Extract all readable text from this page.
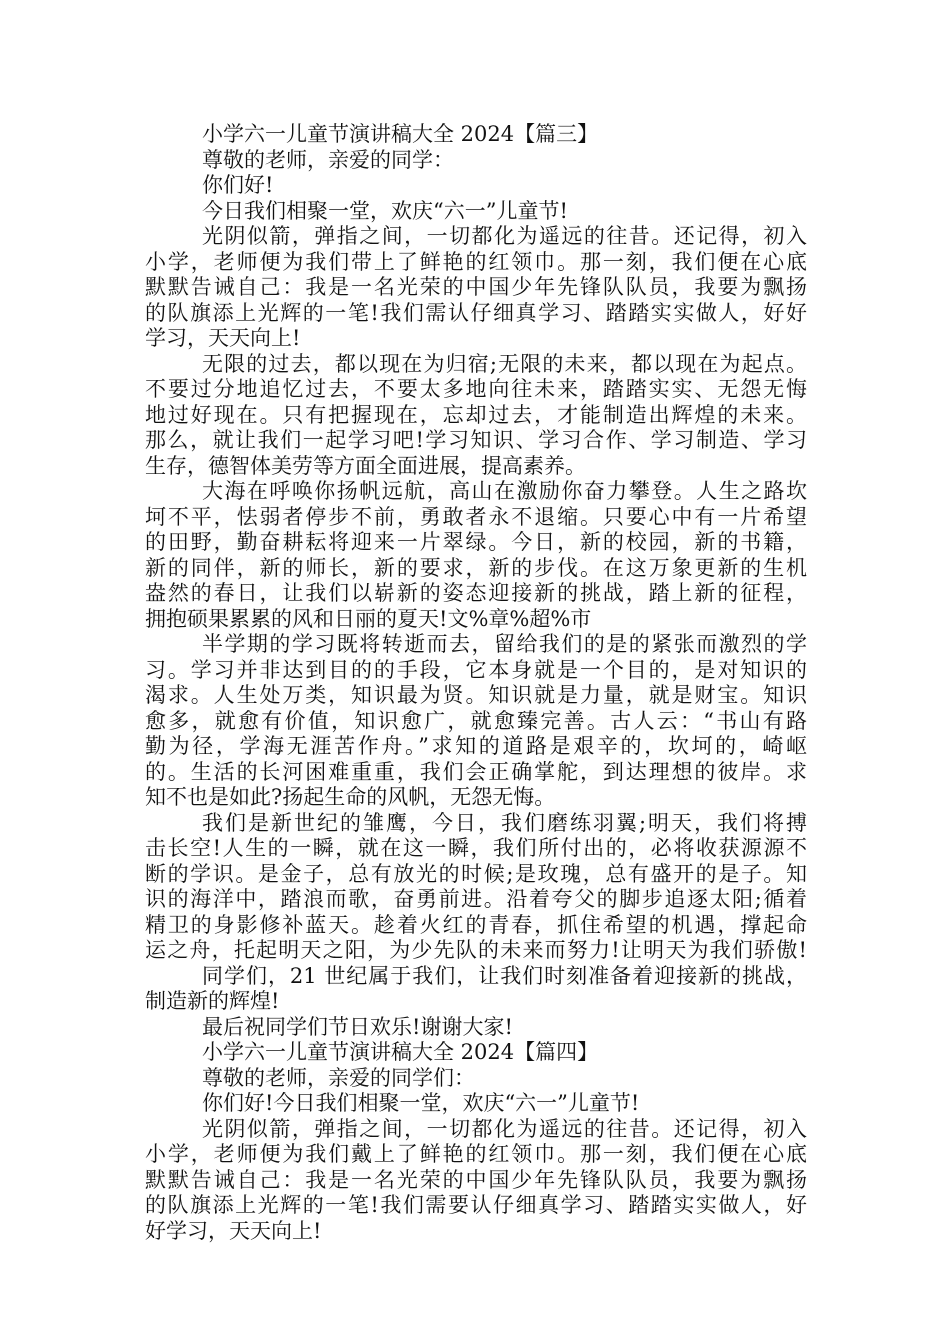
小学六一儿童节演讲稿大全 2024【篇三】
尊敬的老师，亲爱的同学：
你们好!
今日我们相聚一堂，欢庆“六一”儿童节!
光阴似箭，弹指之间，一切都化为遥远的往昔。还记得，初入
小学，老师便为我们带上了鲜艳的红领巾。那一刻，我们便在心底
默默告诫自己：我是一名光荣的中国少年先锋队队员，我要为飘扬
的队旗添上光辉的一笔!我们需认仔细真学习、踏踏实实做人，好好
学习，天天向上!
无限的过去，都以现在为归宿;无限的未来，都以现在为起点。
不要过分地追忆过去，不要太多地向往未来，踏踏实实、无怨无悔
地过好现在。只有把握现在，忘却过去，才能制造出辉煌的未来。
那么，就让我们一起学习吧!学习知识、学习合作、学习制造、学习
生存，德智体美劳等方面全面进展，提高素养。
大海在呼唤你扬帆远航，高山在激励你奋力攀登。人生之路坎
坷不平，怯弱者停步不前，勇敢者永不退缩。只要心中有一片希望
的田野，勤奋耕耘将迎来一片翠绿。今日，新的校园，新的书籍，
新的同伴，新的师长，新的要求，新的步伐。在这万象更新的生机
盎然的春日，让我们以崭新的姿态迎接新的挑战，踏上新的征程，
拥抱硕果累累的风和日丽的夏天!文%章%超%市
半学期的学习既将转逝而去，留给我们的是的紧张而激烈的学
习。学习并非达到目的的手段，它本身就是一个目的，是对知识的
渴求。人生处万类，知识最为贤。知识就是力量，就是财宝。知识
愈多，就愈有价值，知识愈广，就愈臻完善。古人云：“书山有路
勤为径，学海无涯苦作舟。”求知的道路是艰辛的，坎坷的，崎岖
的。生活的长河困难重重，我们会正确掌舵，到达理想的彼岸。求
知不也是如此?扬起生命的风帆，无怨无悔。
我们是新世纪的雏鹰，今日，我们磨练羽翼;明天，我们将搏
击长空!人生的一瞬，就在这一瞬，我们所付出的，必将收获源源不
断的学识。是金子，总有放光的时候;是玫瑰，总有盛开的是子。知
识的海洋中，踏浪而歌，奋勇前进。沿着夸父的脚步追逐太阳;循着
精卫的身影修补蓝天。趁着火红的青春，抓住希望的机遇，撑起命
运之舟，托起明天之阳，为少先队的未来而努力!让明天为我们骄傲!
同学们，21 世纪属于我们，让我们时刻准备着迎接新的挑战，
制造新的辉煌!
最后祝同学们节日欢乐!谢谢大家!
小学六一儿童节演讲稿大全 2024【篇四】
尊敬的老师，亲爱的同学们：
你们好!今日我们相聚一堂，欢庆“六一”儿童节!
光阴似箭，弹指之间，一切都化为遥远的往昔。还记得，初入
小学，老师便为我们戴上了鲜艳的红领巾。那一刻，我们便在心底
默默告诫自己：我是一名光荣的中国少年先锋队队员，我要为飘扬
的队旗添上光辉的一笔!我们需要认仔细真学习、踏踏实实做人，好
好学习，天天向上!
